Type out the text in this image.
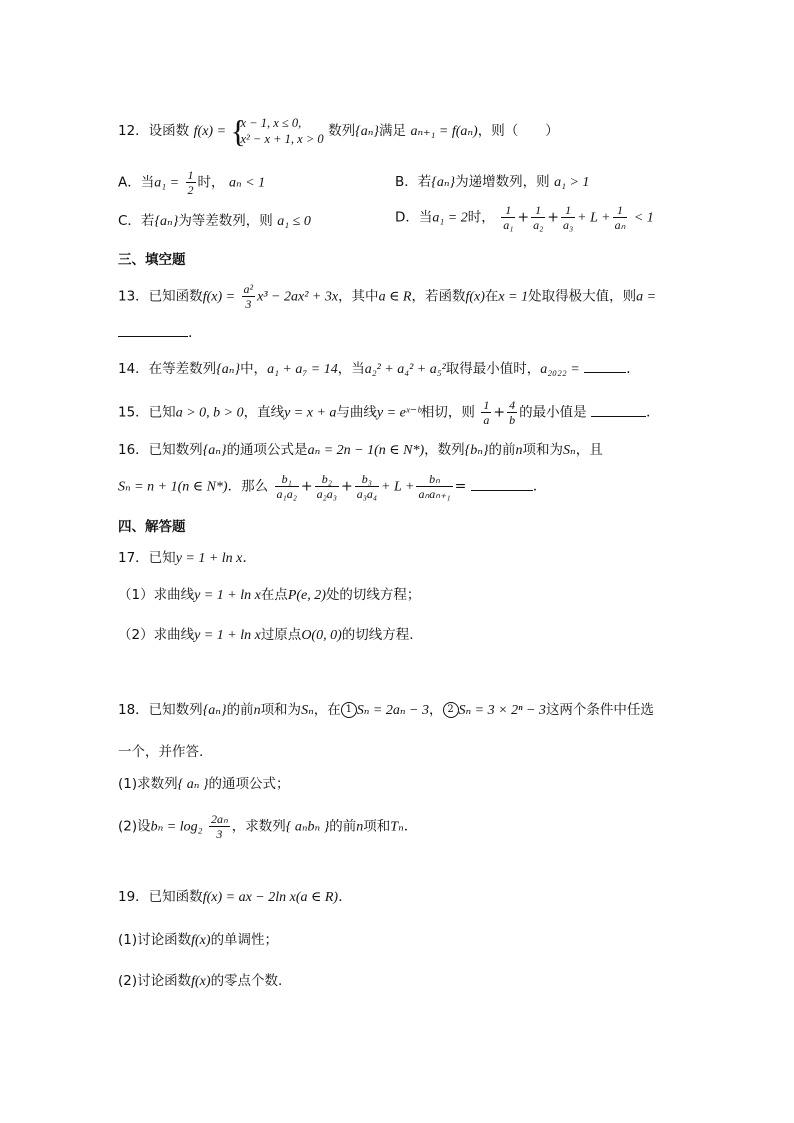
12．设函数 f(x) = {
x − 1, x ≤ 0,
x² − x + 1, x > 0 数列{aₙ}满足 aₙ₊₁ = f(aₙ)，则（　　）
A．当$a_1 = \frac{1}{2}$ 时， aₙ < 1	B．若{aₙ}为递增数列，则 a₁ > 1
C．若{aₙ}为等差数列，则 a₁ ≤ 0	D．当a₁ = 2时， $\frac{1}{\text{a₁}} + \frac{1}{\text{a₂}} + \frac{1}{\text{a₃}} + L + \frac{1}{\text{aₙ}} < 1$
三、填空题
13．已知函数$f(x) = \frac{\text{a²}}{3} x^3 - 2ax^2 + 3x$，其中a ∈ R，若函数f(x)在x = 1处取得极大值，则a =
.
14．在等差数列{aₙ}中，a₁ + a₇ = 14，当a₂² + a₄² + a₅²取得最小值时，a₂₀₂₂ =	.
15．已知a > 0, b > 0，直线y = x + a与曲线y = eˣ⁻ᵇ相切，则 $\frac{1}{a} + \frac{4}{b}$ 的最小值是	.
16．已知数列{aₙ}的通项公式是aₙ = 2n − 1(n ∈ N*)，数列{bₙ}的前n项和为Sₙ，且
Sₙ = n + 1(n ∈ N*)．那么 $\frac{\text{b₁}}{\text{a₁a₂}} + \frac{\text{b₂}}{\text{a₂a₃}} + \frac{\text{b₃}}{\text{a₃a₄}} + L + \frac{\text{bₙ}}{\text{aₙaₙ₊₁}}$ =	.
四、解答题
17．已知y = 1 + ln x.
（1）求曲线y = 1 + ln x在点P(e, 2)处的切线方程；
（2）求曲线y = 1 + ln x过原点O(0, 0)的切线方程.
18．已知数列{aₙ}的前n项和为Sₙ，在 1 Sₙ = 2aₙ − 3， 2 Sₙ = 3 × 2ⁿ − 3这两个条件中任选
一个，并作答.
(1)求数列{ aₙ }的通项公式；
(2)设$b_n = \log_2 \frac{\text{2aₙ}}{3}$ ，求数列{ aₙbₙ }的前n项和Tₙ.
19．已知函数f(x) = ax − 2ln x(a ∈ R).
(1)讨论函数f(x)的单调性；
(2)讨论函数f(x)的零点个数.
